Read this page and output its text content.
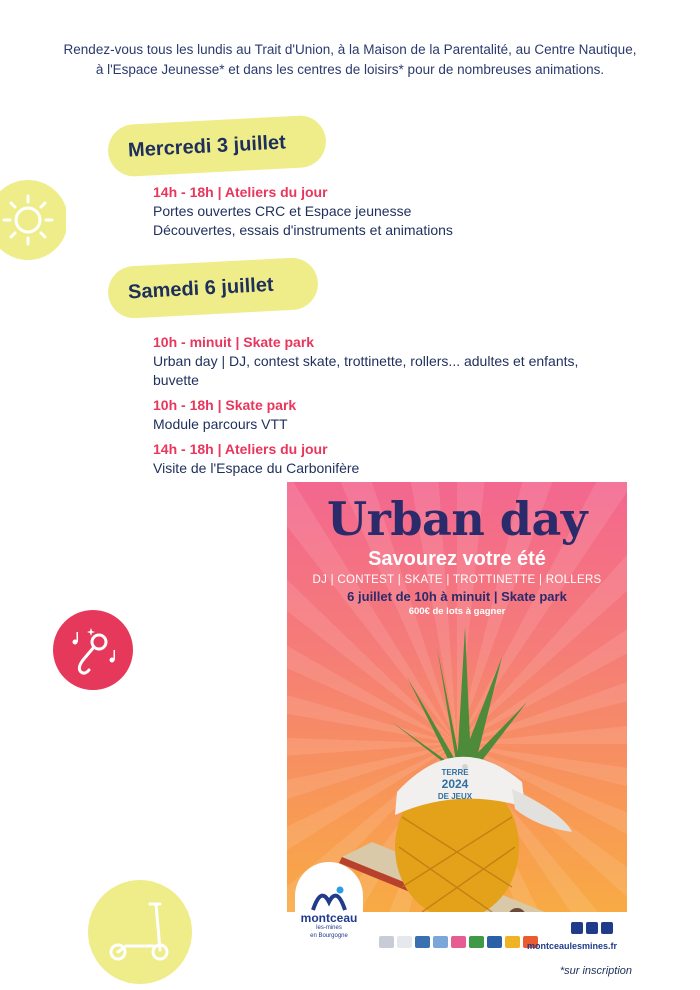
Rendez-vous tous les lundis au Trait d'Union, à la Maison de la Parentalité, au Centre Nautique,
à l'Espace Jeunesse* et dans les centres de loisirs* pour de nombreuses animations.
Mercredi 3 juillet
14h - 18h | Ateliers du jour
Portes ouvertes CRC et Espace jeunesse
Découvertes, essais d'instruments et animations
Samedi 6 juillet
10h - minuit | Skate park
Urban day | DJ, contest skate, trottinette, rollers... adultes et enfants,
buvette
10h - 18h | Skate park
Module parcours VTT
14h - 18h | Ateliers du jour
Visite de l'Espace du Carbonifère
Urban day
Savourez votre été
DJ | CONTEST | SKATE | TROTTINETTE | ROLLERS
6 juillet de 10h à minuit | Skate park
600€ de lots à gagner
TERRE
2024
DE JEUX
montceaulesmines.fr
montceau
les-mines
en Bourgogne
*sur inscription
